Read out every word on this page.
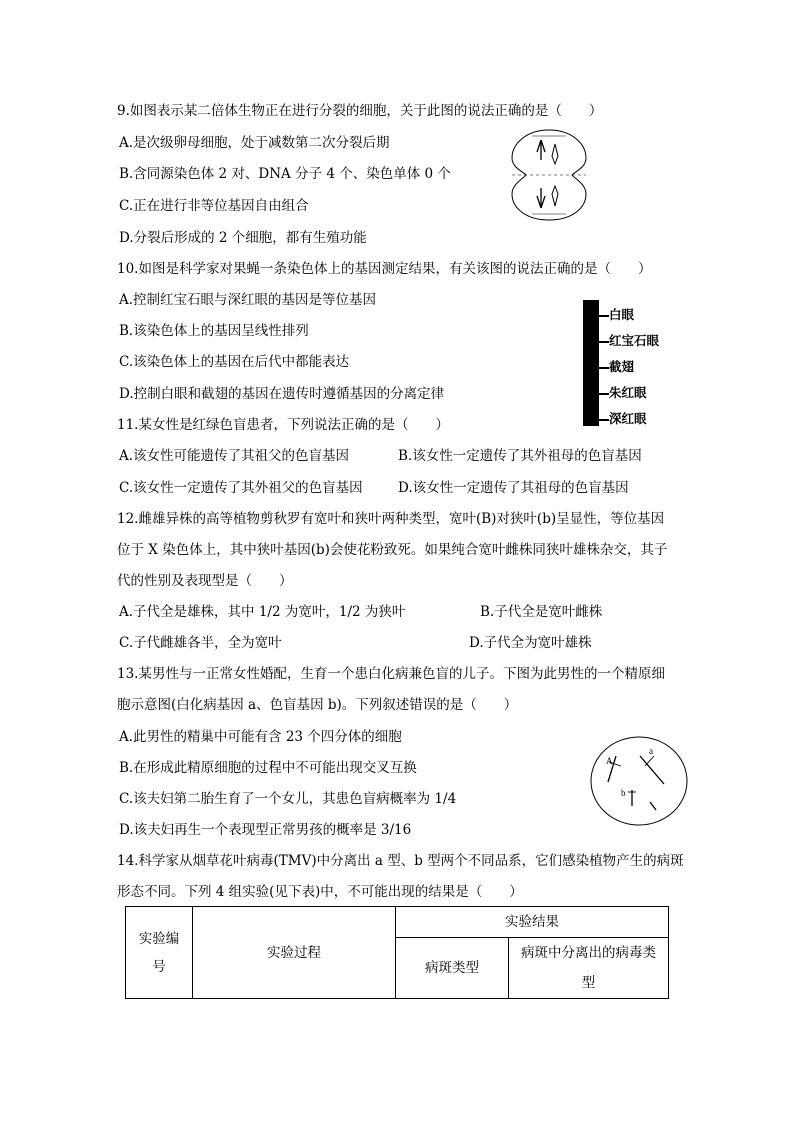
9.如图表示某二倍体生物正在进行分裂的细胞，关于此图的说法正确的是（　　）
A.是次级卵母细胞，处于减数第二次分裂后期
B.含同源染色体 2 对、DNA 分子 4 个、染色单体 0 个
C.正在进行非等位基因自由组合
D.分裂后形成的 2 个细胞，都有生殖功能
10.如图是科学家对果蝇一条染色体上的基因测定结果，有关该图的说法正确的是（　　）
A.控制红宝石眼与深红眼的基因是等位基因
B.该染色体上的基因呈线性排列
C.该染色体上的基因在后代中都能表达
D.控制白眼和截翅的基因在遗传时遵循基因的分离定律
白眼
红宝石眼
截翅
朱红眼
深红眼
11.某女性是红绿色盲患者，下列说法正确的是（　　）
A.该女性可能遗传了其祖父的色盲基因	B.该女性一定遗传了其外祖母的色盲基因
C.该女性一定遗传了其外祖父的色盲基因	D.该女性一定遗传了其祖母的色盲基因
12.雌雄异株的高等植物剪秋罗有宽叶和狭叶两种类型，宽叶(B)对狭叶(b)呈显性，等位基因
位于 X 染色体上，其中狭叶基因(b)会使花粉致死。如果纯合宽叶雌株同狭叶雄株杂交，其子
代的性别及表现型是（　　）
A.子代全是雄株，其中 1/2 为宽叶，1/2 为狭叶	B.子代全是宽叶雌株
C.子代雌雄各半，全为宽叶	D.子代全为宽叶雄株
13.某男性与一正常女性婚配，生育一个患白化病兼色盲的儿子。下图为此男性的一个精原细
胞示意图(白化病基因 a、色盲基因 b)。下列叙述错误的是（　　）
A.此男性的精巢中可能有含 23 个四分体的细胞
B.在形成此精原细胞的过程中不可能出现交叉互换
C.该夫妇第二胎生育了一个女儿，其患色盲病概率为 1/4
D.该夫妇再生一个表现型正常男孩的概率是 3/16
A
a
b
14.科学家从烟草花叶病毒(TMV)中分离出 a 型、b 型两个不同品系，它们感染植物产生的病斑
形态不同。下列 4 组实验(见下表)中，不可能出现的结果是（　　）
实验编
号	实验过程	实验结果	
		病斑类型	病斑中分离出的病毒类
型
